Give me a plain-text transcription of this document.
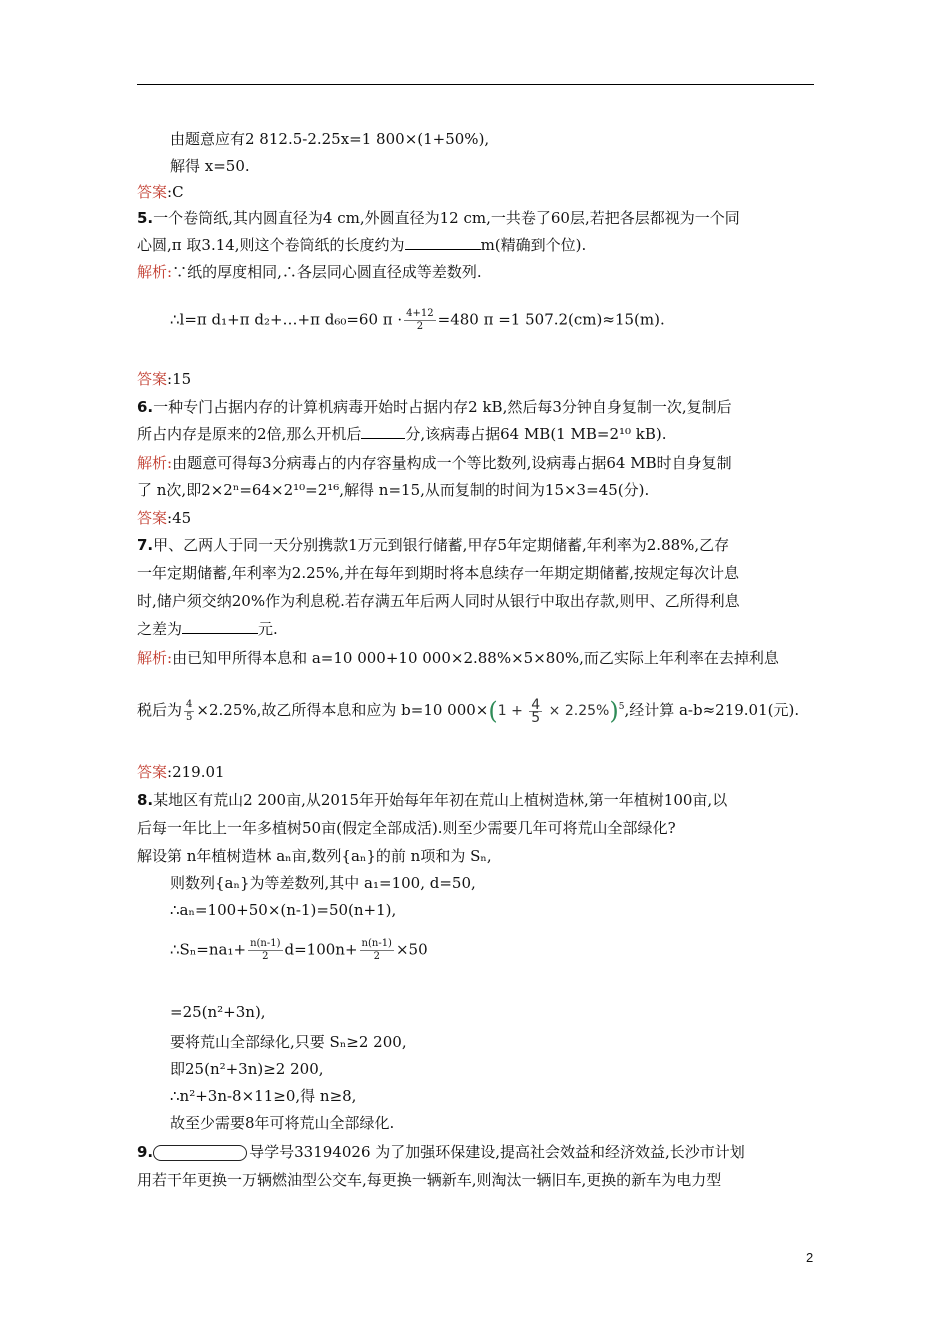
由题意应有2 812.5-2.25x=1 800×(1+50%),
解得 x=50.
答案:C
5.一个卷筒纸,其内圆直径为4 cm,外圆直径为12 cm,一共卷了60层,若把各层都视为一个同
心圆,π 取3.14,则这个卷筒纸的长度约为	m(精确到个位).
解析:∵纸的厚度相同,∴各层同心圆直径成等差数列.
∴l=π d₁+π d₂+…+π d₆₀=60 $\pi \cdot \frac{4+12}{2} =480$ π =1 507.2(cm)≈15(m).
答案:15
6.一种专门占据内存的计算机病毒开始时占据内存2 kB,然后每3分钟自身复制一次,复制后
所占内存是原来的2倍,那么开机后	分,该病毒占据64 MB(1 MB=2¹⁰ kB).
解析:由题意可得每3分病毒占的内存容量构成一个等比数列,设病毒占据64 MB时自身复制
了 n次,即2×2ⁿ=64×2¹⁰=2¹⁶,解得 n=15,从而复制的时间为15×3=45(分).
答案:45
7.甲、乙两人于同一天分别携款1万元到银行储蓄,甲存5年定期储蓄,年利率为2.88%,乙存
一年定期储蓄,年利率为2.25%,并在每年到期时将本息续存一年期定期储蓄,按规定每次计息
时,储户须交纳20%作为利息税.若存满五年后两人同时从银行中取出存款,则甲、乙所得利息
之差为	元.
解析:由已知甲所得本息和 a=10 000+10 000×2.88%×5×80%,而乙实际上年利率在去掉利息
税后为 $\frac{4}{5} \times 2.25\%$,故乙所得本息和应为 b=10 $000\times(1 + \frac{4}{5} \times 2.25\%)^5$,经计算 a-b≈219.01(元).
答案:219.01
8.某地区有荒山2 200亩,从2015年开始每年年初在荒山上植树造林,第一年植树100亩,以
后每一年比上一年多植树50亩(假定全部成活).则至少需要几年可将荒山全部绿化?
解设第 n年植树造林 aₙ亩,数列{aₙ}的前 n项和为 Sₙ,
则数列{aₙ}为等差数列,其中 a₁=100, d=50,
∴aₙ=100+50×(n-1)=50(n+1),
∴Sₙ=na₁+ $\frac{n(n-1)}{2} d=100n+ \frac{n(n-1)}{2} \times 50$
=25(n²+3n),
要将荒山全部绿化,只要 Sₙ≥2 200,
即25(n²+3n)≥2 200,
∴n²+3n-8×11≥0,得 n≥8,
故至少需要8年可将荒山全部绿化.
9.	导学号33194026 为了加强环保建设,提高社会效益和经济效益,长沙市计划
用若干年更换一万辆燃油型公交车,每更换一辆新车,则淘汰一辆旧车,更换的新车为电力型
2
